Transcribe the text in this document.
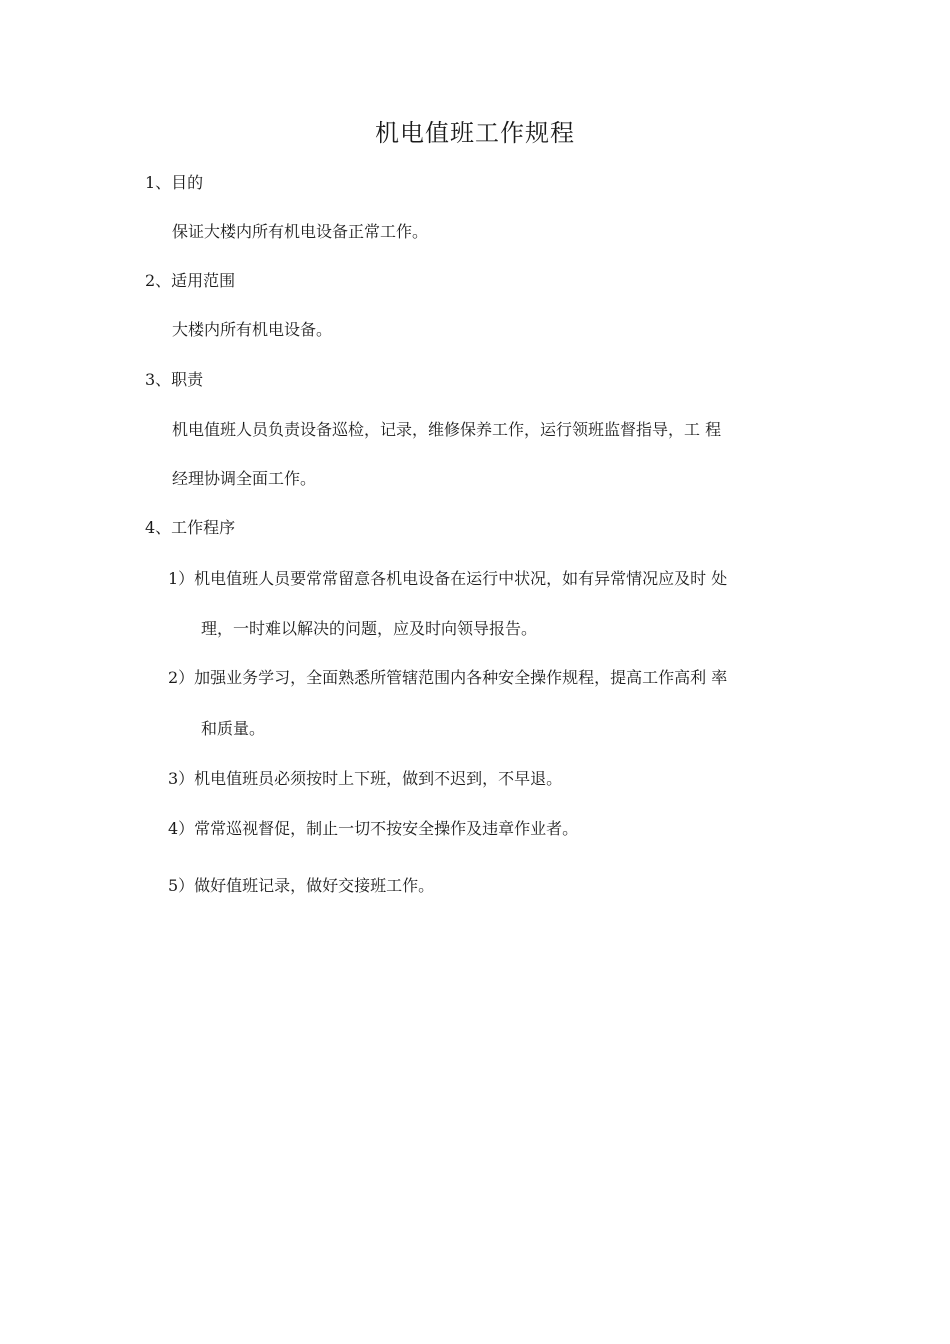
机电值班工作规程
1、目的
保证大楼内所有机电设备正常工作。
2、适用范围
大楼内所有机电设备。
3、职责
机电值班人员负责设备巡检，记录，维修保养工作，运行领班监督指导，工 程
经理协调全面工作。
4、工作程序
1）机电值班人员要常常留意各机电设备在运行中状况，如有异常情况应及时 处
理，一时难以解决的问题，应及时向领导报告。
2）加强业务学习，全面熟悉所管辖范围内各种安全操作规程，提高工作高利 率
和质量。
3）机电值班员必须按时上下班，做到不迟到，不早退。
4）常常巡视督促，制止一切不按安全操作及违章作业者。
5）做好值班记录，做好交接班工作。
